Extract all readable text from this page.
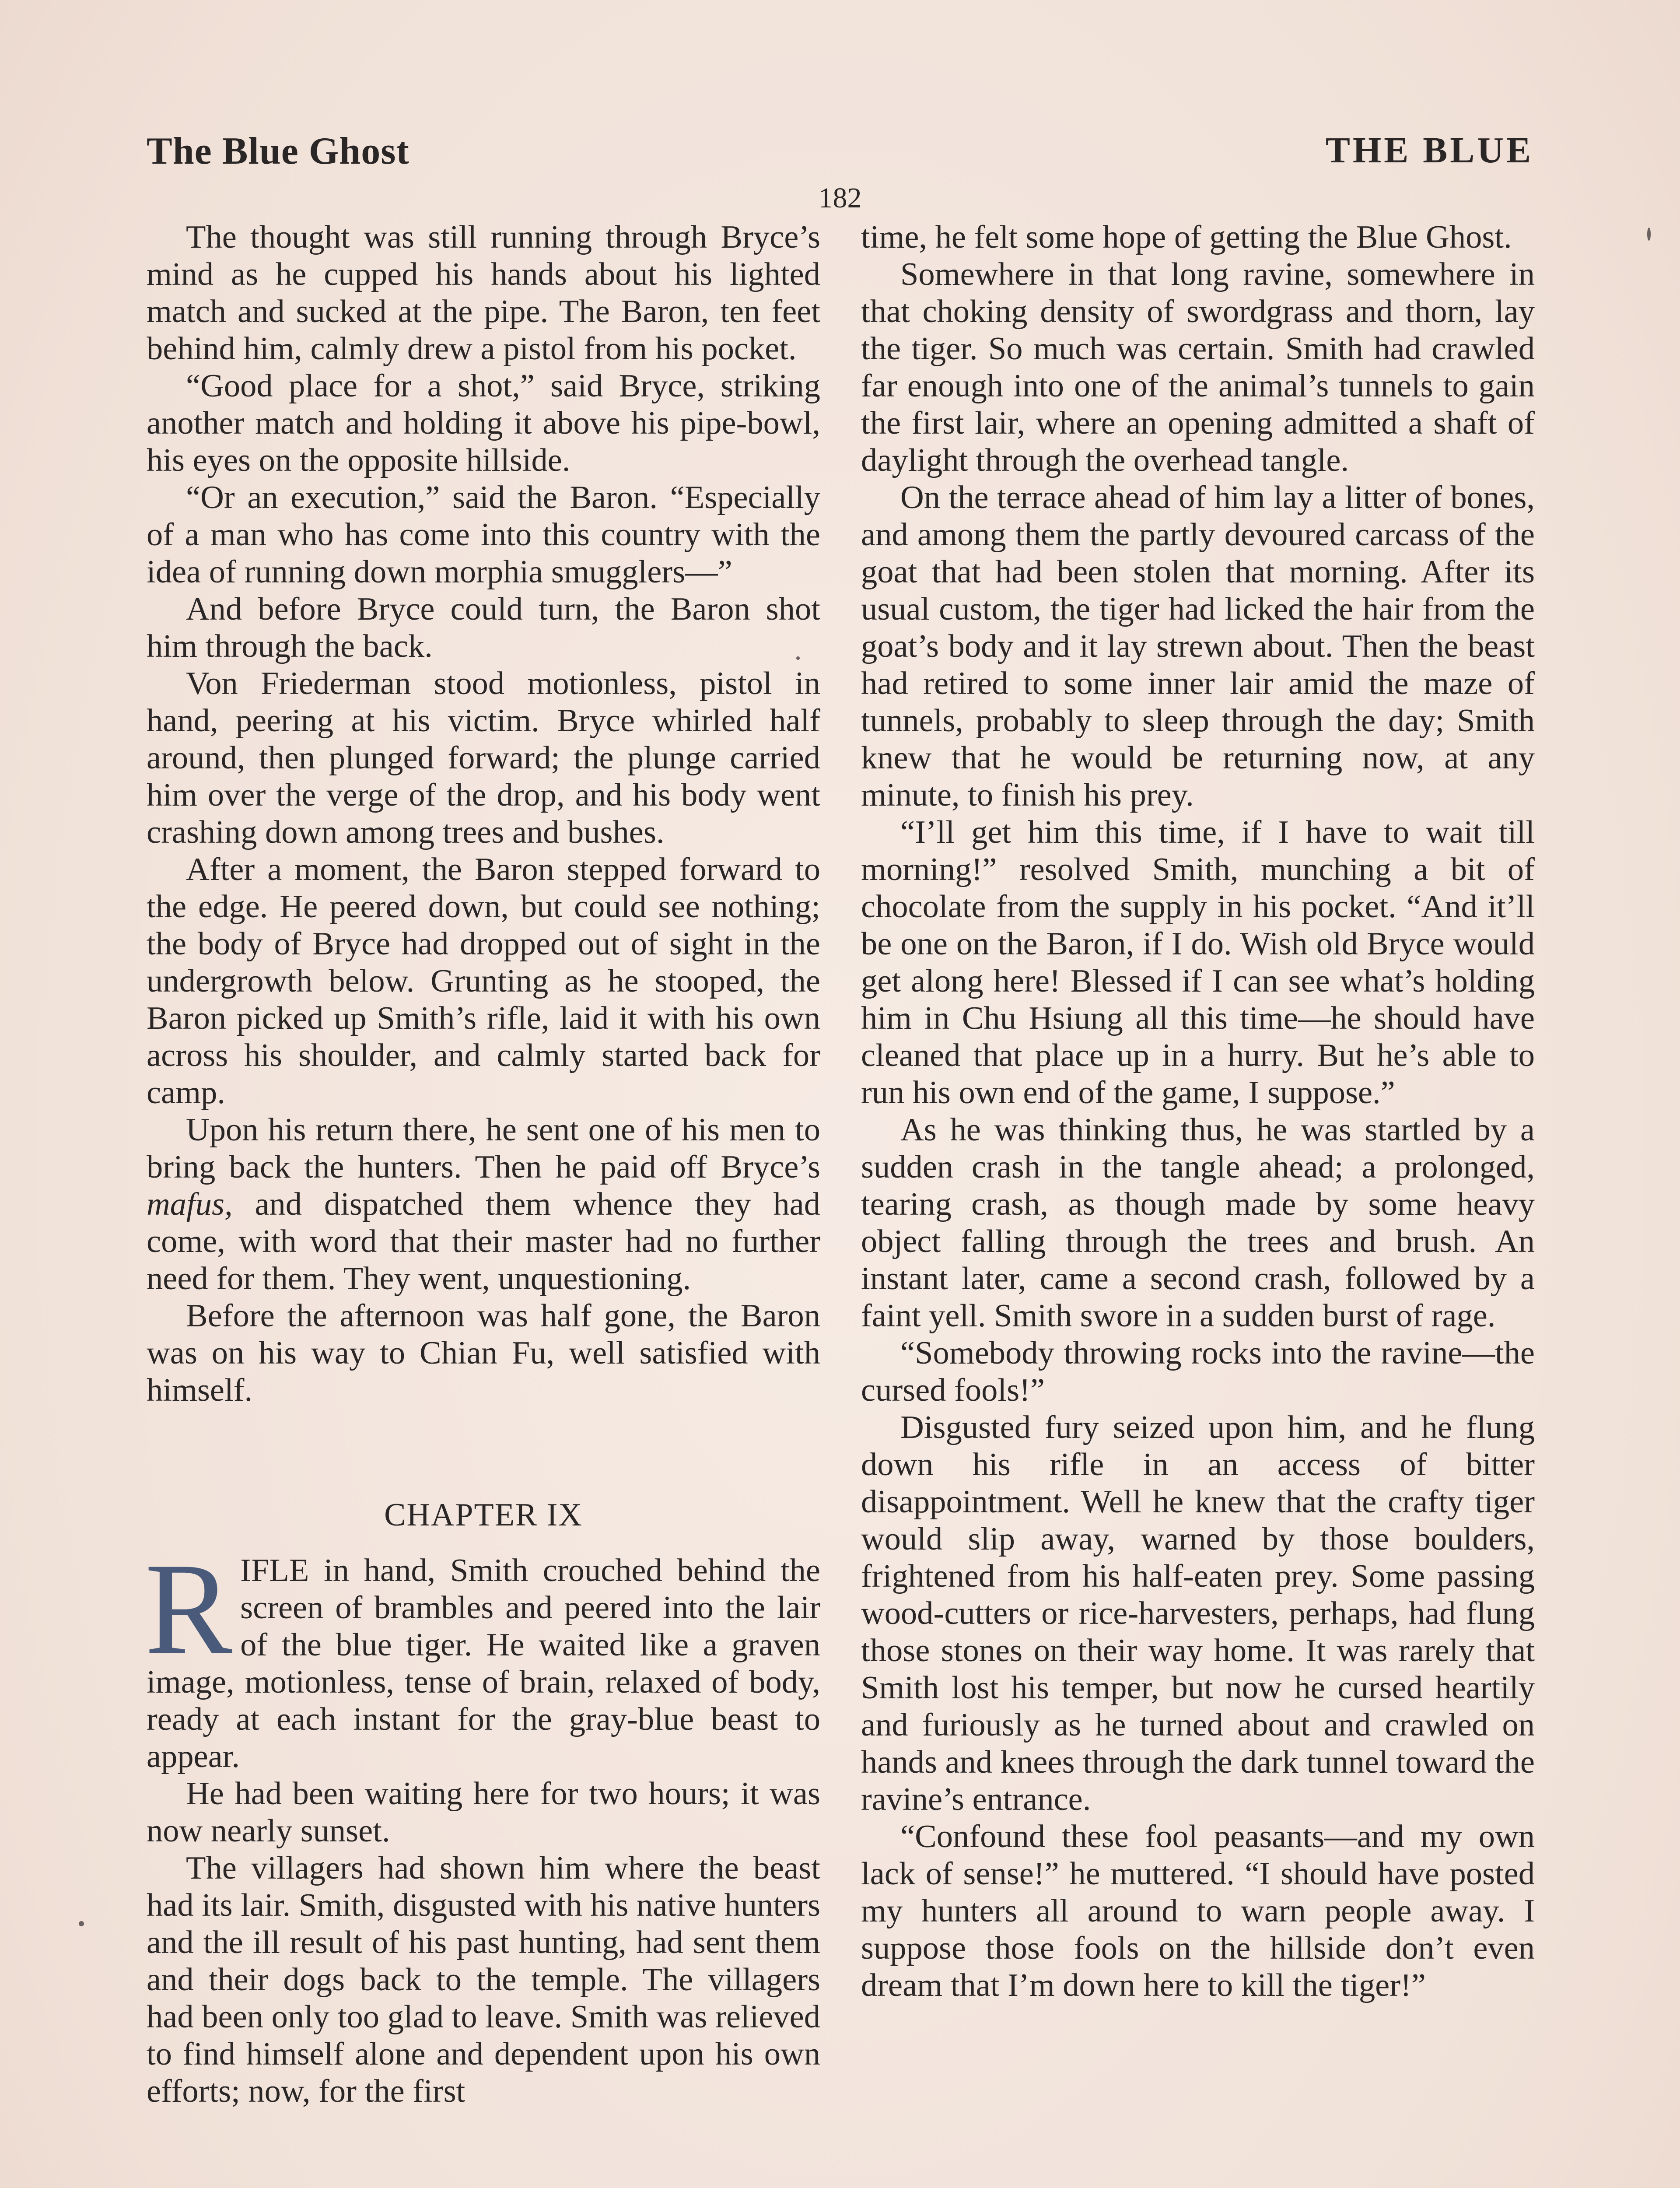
The Blue Ghost	THE BLUE
182

The thought was still running through Bryce’s mind as he cupped his hands about his lighted match and sucked at the pipe. The Baron, ten feet behind him, calmly drew a pistol from his pocket.

“Good place for a shot,” said Bryce, striking another match and holding it above his pipe-bowl, his eyes on the opposite hillside.

“Or an execution,” said the Baron. “Especially of a man who has come into this country with the idea of running down morphia smugglers—”

And before Bryce could turn, the Baron shot him through the back.

Von Friederman stood motionless, pistol in hand, peering at his victim. Bryce whirled half around, then plunged forward; the plunge carried him over the verge of the drop, and his body went crashing down among trees and bushes.

After a moment, the Baron stepped forward to the edge. He peered down, but could see nothing; the body of Bryce had dropped out of sight in the undergrowth below. Grunting as he stooped, the Baron picked up Smith’s rifle, laid it with his own across his shoulder, and calmly started back for camp.

Upon his return there, he sent one of his men to bring back the hunters. Then he paid off Bryce’s mafus, and dispatched them whence they had come, with word that their master had no further need for them. They went, unquestioning.

Before the afternoon was half gone, the Baron was on his way to Chian Fu, well satisfied with himself.

CHAPTER IX

RIFLE in hand, Smith crouched behind the screen of brambles and peered into the lair of the blue tiger. He waited like a graven image, motionless, tense of brain, relaxed of body, ready at each instant for the gray-blue beast to appear.

He had been waiting here for two hours; it was now nearly sunset.

The villagers had shown him where the beast had its lair. Smith, disgusted with his native hunters and the ill result of his past hunting, had sent them and their dogs back to the temple. The villagers had been only too glad to leave. Smith was relieved to find himself alone and dependent upon his own efforts; now, for the first

time, he felt some hope of getting the Blue Ghost.

Somewhere in that long ravine, somewhere in that choking density of swordgrass and thorn, lay the tiger. So much was certain. Smith had crawled far enough into one of the animal’s tunnels to gain the first lair, where an opening admitted a shaft of daylight through the overhead tangle.

On the terrace ahead of him lay a litter of bones, and among them the partly devoured carcass of the goat that had been stolen that morning. After its usual custom, the tiger had licked the hair from the goat’s body and it lay strewn about. Then the beast had retired to some inner lair amid the maze of tunnels, probably to sleep through the day; Smith knew that he would be returning now, at any minute, to finish his prey.

“I’ll get him this time, if I have to wait till morning!” resolved Smith, munching a bit of chocolate from the supply in his pocket. “And it’ll be one on the Baron, if I do. Wish old Bryce would get along here! Blessed if I can see what’s holding him in Chu Hsiung all this time—he should have cleaned that place up in a hurry. But he’s able to run his own end of the game, I suppose.”

As he was thinking thus, he was startled by a sudden crash in the tangle ahead; a prolonged, tearing crash, as though made by some heavy object falling through the trees and brush. An instant later, came a second crash, followed by a faint yell. Smith swore in a sudden burst of rage.

“Somebody throwing rocks into the ravine—the cursed fools!”

Disgusted fury seized upon him, and he flung down his rifle in an access of bitter disappointment. Well he knew that the crafty tiger would slip away, warned by those boulders, frightened from his half-eaten prey. Some passing wood-cutters or rice-harvesters, perhaps, had flung those stones on their way home. It was rarely that Smith lost his temper, but now he cursed heartily and furiously as he turned about and crawled on hands and knees through the dark tunnel toward the ravine’s entrance.

“Confound these fool peasants—and my own lack of sense!” he muttered. “I should have posted my hunters all around to warn people away. I suppose those fools on the hillside don’t even dream that I’m down here to kill the tiger!”
